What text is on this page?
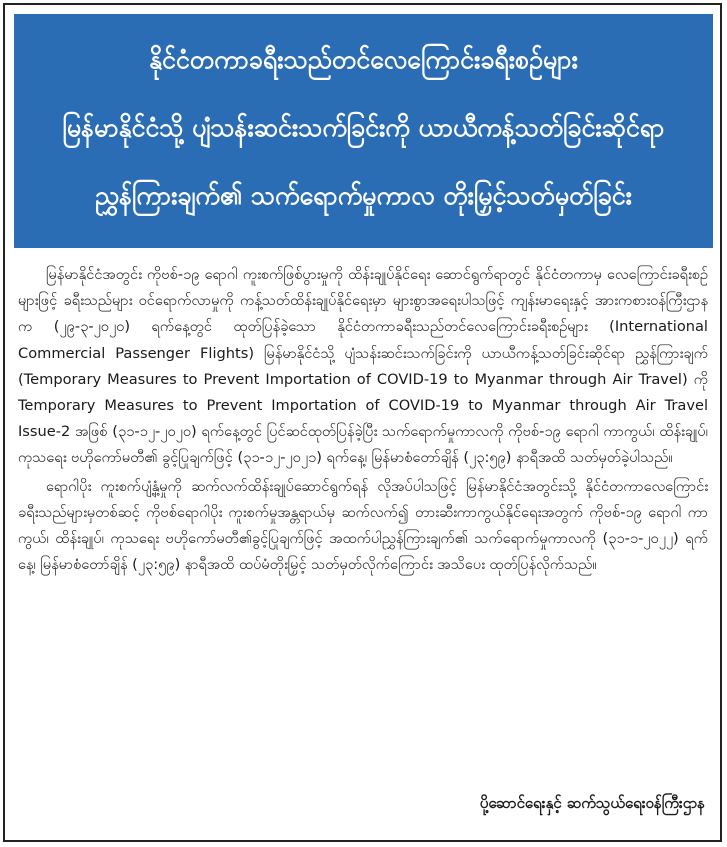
နိုင်ငံတကာခရီးသည်တင်လေကြောင်းခရီးစဉ်များ
မြန်မာနိုင်ငံသို့ ပျံသန်းဆင်းသက်ခြင်းကို ယာယီကန့်သတ်ခြင်းဆိုင်ရာ
ညွှန်ကြားချက်၏ သက်ရောက်မှုကာလ တိုးမြှင့်သတ်မှတ်ခြင်း

မြန်မာနိုင်ငံအတွင်း ကိုဗစ်-၁၉ ရောဂါ ကူးစက်ဖြစ်ပွားမှုကို ထိန်းချုပ်နိုင်ရေး ဆောင်ရွက်ရာတွင် နိုင်ငံတကာမှ လေကြောင်းခရီးစဉ်များဖြင့် ခရီးသည်များ ဝင်ရောက်လာမှုကို ကန့်သတ်ထိန်းချုပ်နိုင်ရေးမှာ များစွာအရေးပါသဖြင့် ကျန်းမာရေးနှင့် အားကစားဝန်ကြီးဌာနက (၂၉-၃-၂၀၂၀) ရက်နေ့တွင် ထုတ်ပြန်ခဲ့သော နိုင်ငံတကာခရီးသည်တင်လေကြောင်းခရီးစဉ်များ (International Commercial Passenger Flights) မြန်မာနိုင်ငံသို့ ပျံသန်းဆင်းသက်ခြင်းကို ယာယီကန့်သတ်ခြင်းဆိုင်ရာ ညွှန်ကြားချက် (Temporary Measures to Prevent Importation of COVID-19 to Myanmar through Air Travel) ကို Temporary Measures to Prevent Importation of COVID-19 to Myanmar through Air Travel Issue-2 အဖြစ် (၃၁-၁၂-၂၀၂၀) ရက်နေ့တွင် ပြင်ဆင်ထုတ်ပြန်ခဲ့ပြီး သက်ရောက်မှုကာလကို ကိုဗစ်-၁၉ ရောဂါ ကာကွယ်၊ ထိန်းချုပ်၊ ကုသရေး ဗဟိုကော်မတီ၏ ခွင့်ပြုချက်ဖြင့် (၃၁-၁၂-၂၀၂၁) ရက်နေ့၊ မြန်မာစံတော်ချိန် (၂၃:၅၉) နာရီအထိ သတ်မှတ်ခဲ့ပါသည်။

ရောဂါပိုး ကူးစက်ပျံ့နှံ့မှုကို ဆက်လက်ထိန်းချုပ်ဆောင်ရွက်ရန် လိုအပ်ပါသဖြင့် မြန်မာနိုင်ငံအတွင်းသို့ နိုင်ငံတကာလေကြောင်း ခရီးသည်များမှတစ်ဆင့် ကိုဗစ်ရောဂါပိုး ကူးစက်မှုအန္တရာယ်မှ ဆက်လက်၍ တားဆီးကာကွယ်နိုင်ရေးအတွက် ကိုဗစ်-၁၉ ရောဂါ ကာကွယ်၊ ထိန်းချုပ်၊ ကုသရေး ဗဟိုကော်မတီ၏ခွင့်ပြုချက်ဖြင့် အထက်ပါညွှန်ကြားချက်၏ သက်ရောက်မှုကာလကို (၃၁-၁-၂၀၂၂) ရက်နေ့၊ မြန်မာစံတော်ချိန် (၂၃:၅၉) နာရီအထိ ထပ်မံတိုးမြှင့် သတ်မှတ်လိုက်ကြောင်း အသိပေး ထုတ်ပြန်လိုက်သည်။

ပို့ဆောင်ရေးနှင့် ဆက်သွယ်ရေးဝန်ကြီးဌာန
